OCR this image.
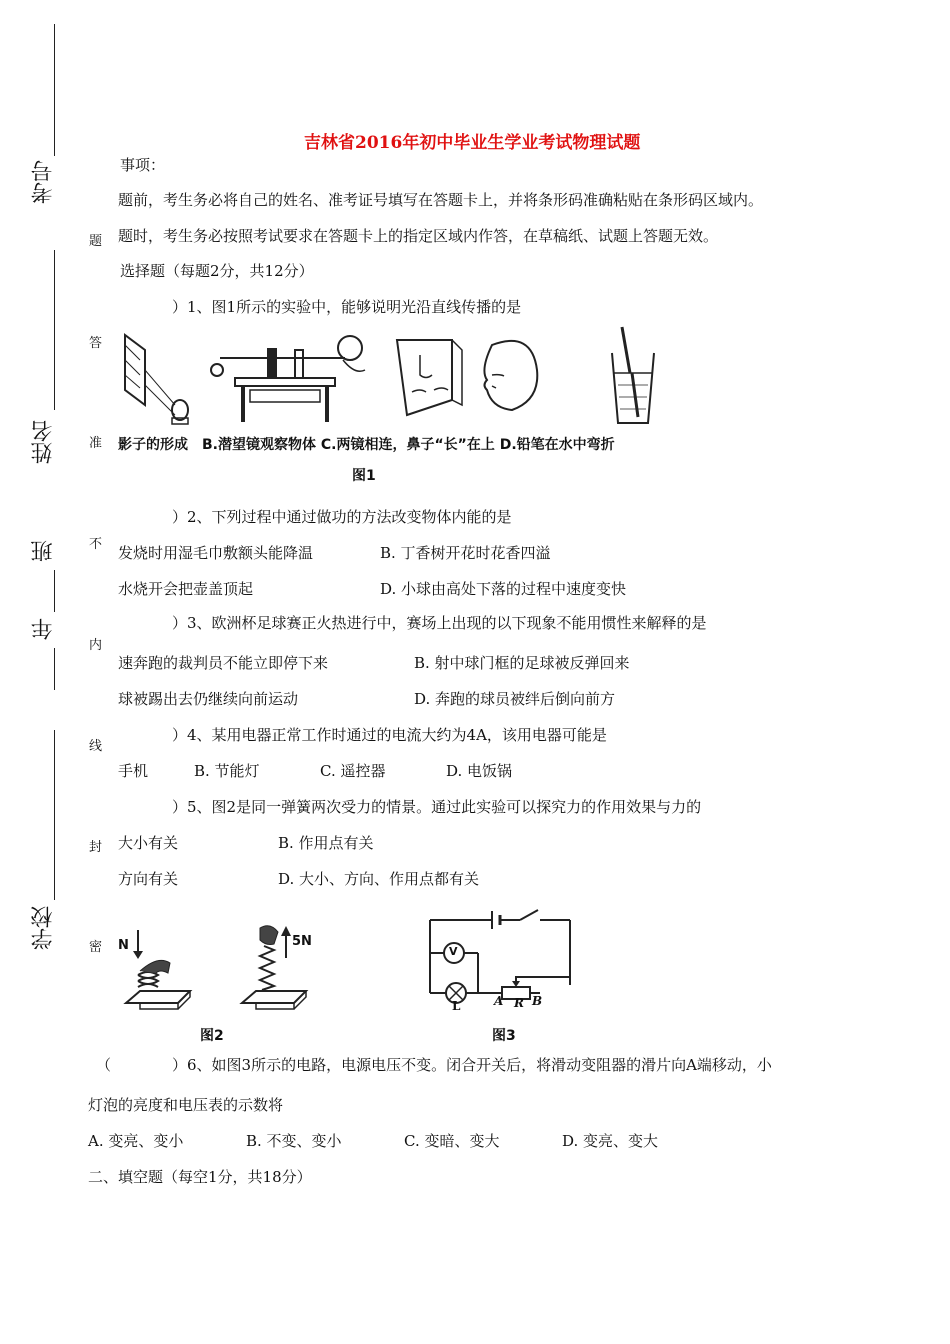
考号
姓名
班
年
学校
题
答
准
不
内
线
封
密
吉林省2016年初中毕业生学业考试物理试题
事项：
题前，考生务必将自己的姓名、准考证号填写在答题卡上，并将条形码准确粘贴在条形码区域内。
题时，考生务必按照考试要求在答题卡上的指定区域内作答，在草稿纸、试题上答题无效。
选择题（每题2分，共12分）
）1、图1所示的实验中，能够说明光沿直线传播的是
影子的形成　B.潜望镜观察物体 C.两镜相连，鼻子“长”在上 D.铅笔在水中弯折
图1
）2、下列过程中通过做功的方法改变物体内能的是
发烧时用湿毛巾敷额头能降温	B. 丁香树开花时花香四溢
水烧开会把壶盖顶起	D. 小球由高处下落的过程中速度变快
）3、欧洲杯足球赛正火热进行中，赛场上出现的以下现象不能用惯性来解释的是
速奔跑的裁判员不能立即停下来	B. 射中球门框的足球被反弹回来
球被踢出去仍继续向前运动	D. 奔跑的球员被绊后倒向前方
）4、某用电器正常工作时通过的电流大约为4A，该用电器可能是
手机	B. 节能灯	C. 遥控器	D. 电饭锅
）5、图2是同一弹簧两次受力的情景。通过此实验可以探究力的作用效果与力的
大小有关	B. 作用点有关
方向有关	D. 大小、方向、作用点都有关
N	5N
图2
V
A R B
L
图3
（	）6、如图3所示的电路，电源电压不变。闭合开关后，将滑动变阻器的滑片向A端移动，小
灯泡的亮度和电压表的示数将
A. 变亮、变小	B. 不变、变小	C. 变暗、变大	D. 变亮、变大
二、填空题（每空1分，共18分）
